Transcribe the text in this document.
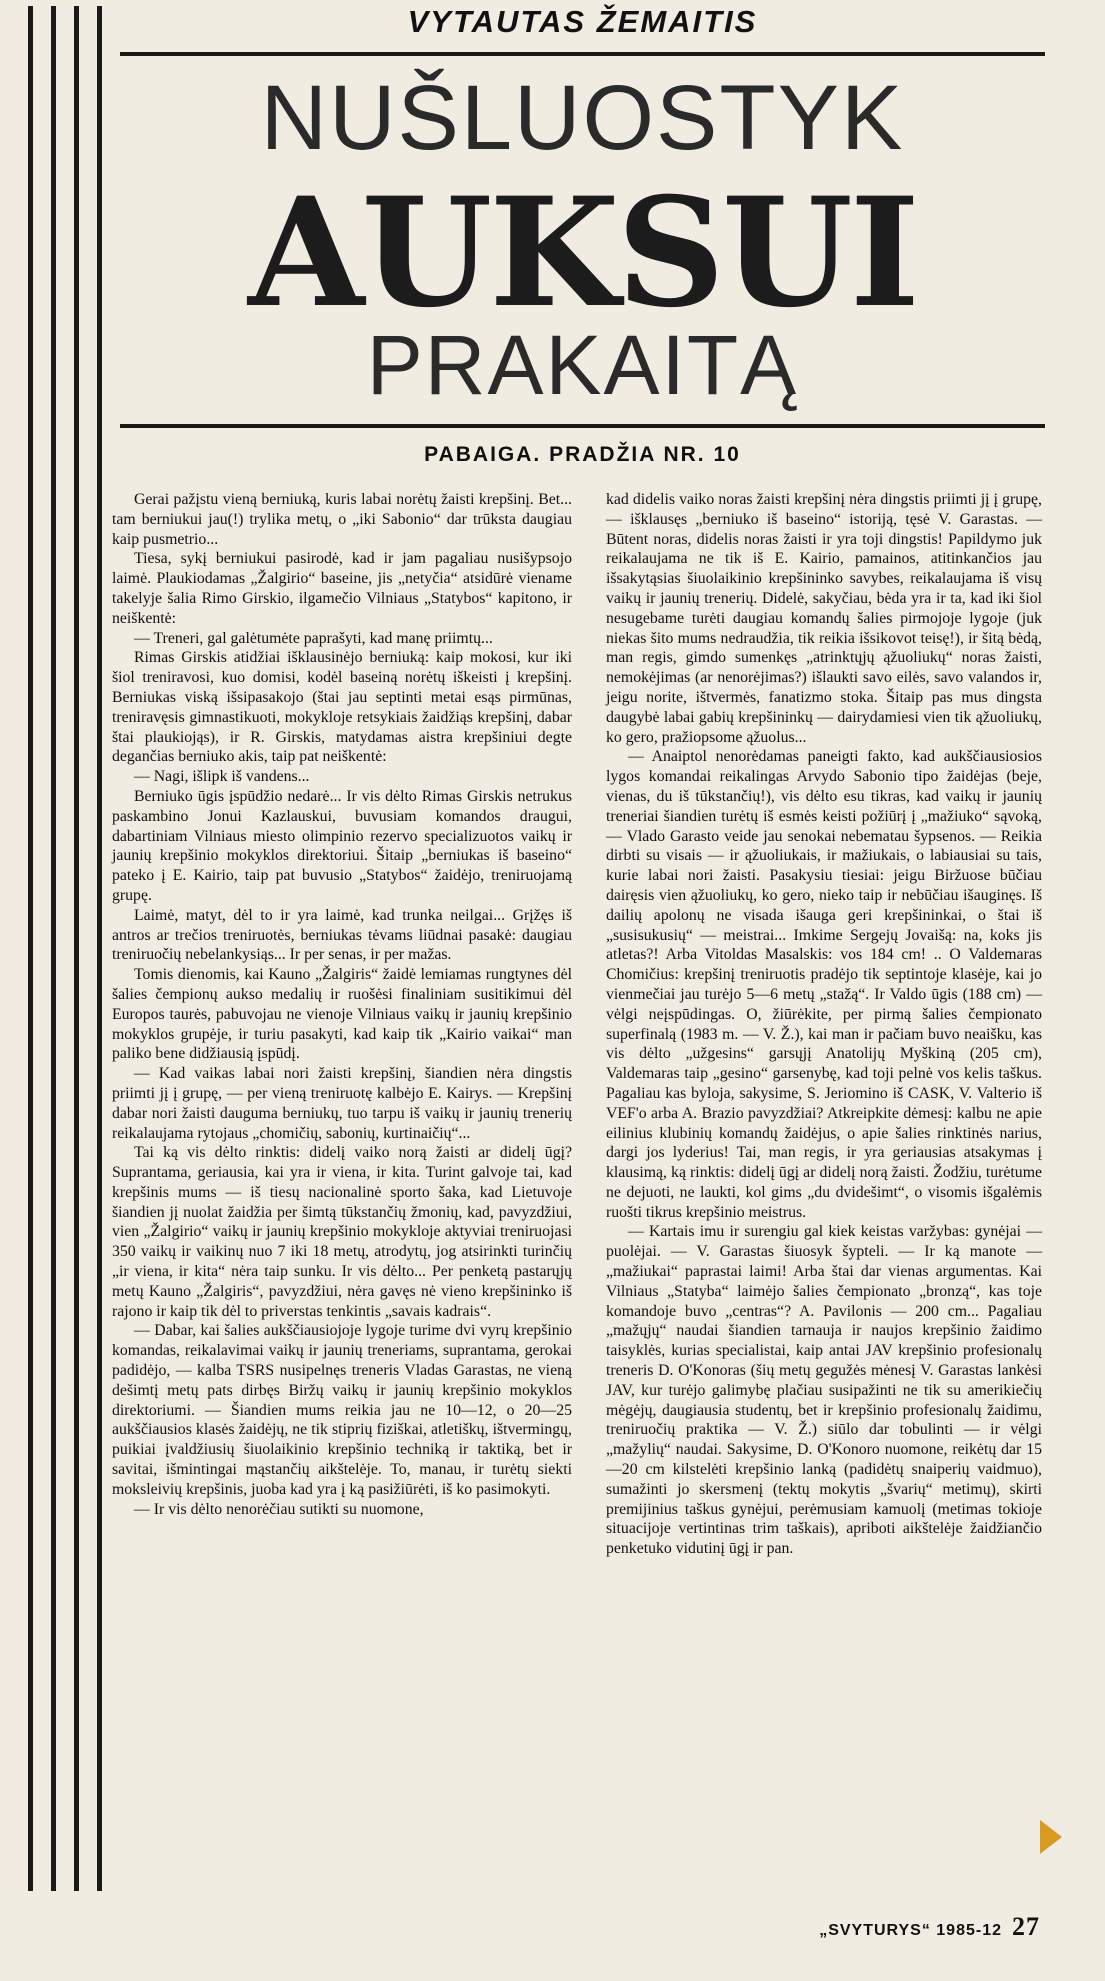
VYTAUTAS ŽEMAITIS
NUŠLUOSTYK
AUKSUI
PRAKAITĄ
PABAIGA. PRADŽIA NR. 10

Gerai pažįstu vieną berniuką, kuris labai norėtų žaisti krepšinį. Bet... tam berniukui jau(!) trylika metų, o „iki Sabonio“ dar trūksta daugiau kaip pusmetrio...

Tiesa, sykį berniukui pasirodė, kad ir jam pagaliau nusišypsojo laimė. Plaukiodamas „Žalgirio“ baseine, jis „netyčia“ atsidūrė viename takelyje šalia Rimo Girskio, ilgamečio Vilniaus „Statybos“ kapitono, ir neiškentė:

— Treneri, gal galėtumėte paprašyti, kad manę priimtų...

Rimas Girskis atidžiai išklausinėjo berniuką: kaip mokosi, kur iki šiol treniravosi, kuo domisi, kodėl baseiną norėtų iškeisti į krepšinį. Berniukas viską išsipasakojo (štai jau septinti metai esąs pirmūnas, treniravęsis gimnastikuoti, mokykloje retsykiais žaidžiąs krepšinį, dabar štai plaukiojąs), ir R. Girskis, matydamas aistra krepšiniui degte degančias berniuko akis, taip pat neiškentė:

— Nagi, išlipk iš vandens...

Berniuko ūgis įspūdžio nedarė... Ir vis dėlto Rimas Girskis netrukus paskambino Jonui Kazlauskui, buvusiam komandos draugui, dabartiniam Vilniaus miesto olimpinio rezervo specializuotos vaikų ir jaunių krepšinio mokyklos direktoriui. Šitaip „berniukas iš baseino“ pateko į E. Kairio, taip pat buvusio „Statybos“ žaidėjo, treniruojamą grupę.

Laimė, matyt, dėl to ir yra laimė, kad trunka neilgai... Grįžęs iš antros ar trečios treniruotės, berniukas tėvams liūdnai pasakė: daugiau treniruočių nebelankysiąs... Ir per senas, ir per mažas.

Tomis dienomis, kai Kauno „Žalgiris“ žaidė lemiamas rungtynes dėl šalies čempionų aukso medalių ir ruošėsi finaliniam susitikimui dėl Europos taurės, pabuvojau ne vienoje Vilniaus vaikų ir jaunių krepšinio mokyklos grupėje, ir turiu pasakyti, kad kaip tik „Kairio vaikai“ man paliko bene didžiausią įspūdį.

— Kad vaikas labai nori žaisti krepšinį, šiandien nėra dingstis priimti jį į grupę, — per vieną treniruotę kalbėjo E. Kairys. — Krepšinį dabar nori žaisti dauguma berniukų, tuo tarpu iš vaikų ir jaunių trenerių reikalaujama rytojaus „chomičių, sabonių, kurtinaičių“...

Tai ką vis dėlto rinktis: didelį vaiko norą žaisti ar didelį ūgį? Suprantama, geriausia, kai yra ir viena, ir kita. Turint galvoje tai, kad krepšinis mums — iš tiesų nacionalinė sporto šaka, kad Lietuvoje šiandien jį nuolat žaidžia per šimtą tūkstančių žmonių, kad, pavyzdžiui, vien „Žalgirio“ vaikų ir jaunių krepšinio mokykloje aktyviai treniruojasi 350 vaikų ir vaikinų nuo 7 iki 18 metų, atrodytų, jog atsirinkti turinčių „ir viena, ir kita“ nėra taip sunku. Ir vis dėlto... Per penketą pastarųjų metų Kauno „Žalgiris“, pavyzdžiui, nėra gavęs nė vieno krepšininko iš rajono ir kaip tik dėl to priverstas tenkintis „savais kadrais“.

— Dabar, kai šalies aukščiausiojoje lygoje turime dvi vyrų krepšinio komandas, reikalavimai vaikų ir jaunių treneriams, suprantama, gerokai padidėjo, — kalba TSRS nusipelnęs treneris Vladas Garastas, ne vieną dešimtį metų pats dirbęs Biržų vaikų ir jaunių krepšinio mokyklos direktoriumi. — Šiandien mums reikia jau ne 10—12, o 20—25 aukščiausios klasės žaidėjų, ne tik stiprių fiziškai, atletiškų, ištvermingų, puikiai įvaldžiusių šiuolaikinio krepšinio techniką ir taktiką, bet ir savitai, išmintingai mąstančių aikštelėje. To, manau, ir turėtų siekti moksleivių krepšinis, juoba kad yra į ką pasižiūrėti, iš ko pasimokyti.

— Ir vis dėlto nenorėčiau sutikti su nuomone,

kad didelis vaiko noras žaisti krepšinį nėra dingstis priimti jį į grupę, — išklausęs „berniuko iš baseino“ istoriją, tęsė V. Garastas. — Būtent noras, didelis noras žaisti ir yra toji dingstis! Papildymo juk reikalaujama ne tik iš E. Kairio, pamainos, atitinkančios jau išsakytąsias šiuolaikinio krepšininko savybes, reikalaujama iš visų vaikų ir jaunių trenerių. Didelė, sakyčiau, bėda yra ir ta, kad iki šiol nesugebame turėti daugiau komandų šalies pirmojoje lygoje (juk niekas šito mums nedraudžia, tik reikia išsikovot teisę!), ir šitą bėdą, man regis, gimdo sumenkęs „atrinktųjų ąžuoliukų“ noras žaisti, nemokėjimas (ar nenorėjimas?) išlaukti savo eilės, savo valandos ir, jeigu norite, ištvermės, fanatizmo stoka. Šitaip pas mus dingsta daugybė labai gabių krepšininkų — dairydamiesi vien tik ąžuoliukų, ko gero, pražiopsome ąžuolus...

— Anaiptol nenorėdamas paneigti fakto, kad aukščiausiosios lygos komandai reikalingas Arvydo Sabonio tipo žaidėjas (beje, vienas, du iš tūkstančių!), vis dėlto esu tikras, kad vaikų ir jaunių treneriai šiandien turėtų iš esmės keisti požiūrį į „mažiuko“ sąvoką, — Vlado Garasto veide jau senokai nebematau šypsenos. — Reikia dirbti su visais — ir ąžuoliukais, ir mažiukais, o labiausiai su tais, kurie labai nori žaisti. Pasakysiu tiesiai: jeigu Biržuose būčiau dairęsis vien ąžuoliukų, ko gero, nieko taip ir nebūčiau išauginęs. Iš dailių apolonų ne visada išauga geri krepšininkai, o štai iš „susisukusių“ — meistrai... Imkime Sergejų Jovaišą: na, koks jis atletas?! Arba Vitoldas Masalskis: vos 184 cm! .. O Valdemaras Chomičius: krepšinį treniruotis pradėjo tik septintoje klasėje, kai jo vienmečiai jau turėjo 5—6 metų „stažą“. Ir Valdo ūgis (188 cm) — vėlgi neįspūdingas. O, žiūrėkite, per pirmą šalies čempionato superfinalą (1983 m. — V. Ž.), kai man ir pačiam buvo neaišku, kas vis dėlto „užgesins“ garsųjį Anatolijų Myškiną (205 cm), Valdemaras taip „gesino“ garsenybę, kad toji pelnė vos kelis taškus. Pagaliau kas byloja, sakysime, S. Jeriomino iš CASK, V. Valterio iš VEF'o arba A. Brazio pavyzdžiai? Atkreipkite dėmesį: kalbu ne apie eilinius klubinių komandų žaidėjus, o apie šalies rinktinės narius, dargi jos lyderius! Tai, man regis, ir yra geriausias atsakymas į klausimą, ką rinktis: didelį ūgį ar didelį norą žaisti. Žodžiu, turėtume ne dejuoti, ne laukti, kol gims „du dvidešimt“, o visomis išgalėmis ruošti tikrus krepšinio meistrus.

— Kartais imu ir surengiu gal kiek keistas varžybas: gynėjai — puolėjai. — V. Garastas šiuosyk šypteli. — Ir ką manote — „mažiukai“ paprastai laimi! Arba štai dar vienas argumentas. Kai Vilniaus „Statyba“ laimėjo šalies čempionato „bronzą“, kas toje komandoje buvo „centras“? A. Pavilonis — 200 cm... Pagaliau „mažųjų“ naudai šiandien tarnauja ir naujos krepšinio žaidimo taisyklės, kurias specialistai, kaip antai JAV krepšinio profesionalų treneris D. O'Konoras (šių metų gegužės mėnesį V. Garastas lankėsi JAV, kur turėjo galimybę plačiau susipažinti ne tik su amerikiečių mėgėjų, daugiausia studentų, bet ir krepšinio profesionalų žaidimu, treniruočių praktika — V. Ž.) siūlo dar tobulinti — ir vėlgi „mažylių“ naudai. Sakysime, D. O'Konoro nuomone, reikėtų dar 15—20 cm kilstelėti krepšinio lanką (padidėtų snaiperių vaidmuo), sumažinti jo skersmenį (tektų mokytis „švarių“ metimų), skirti premijinius taškus gynėjui, perėmusiam kamuolį (metimas tokioje situacijoje vertintinas trim taškais), apriboti aikštelėje žaidžiančio penketuko vidutinį ūgį ir pan.

„SVYTURYS“ 1985-12 27
